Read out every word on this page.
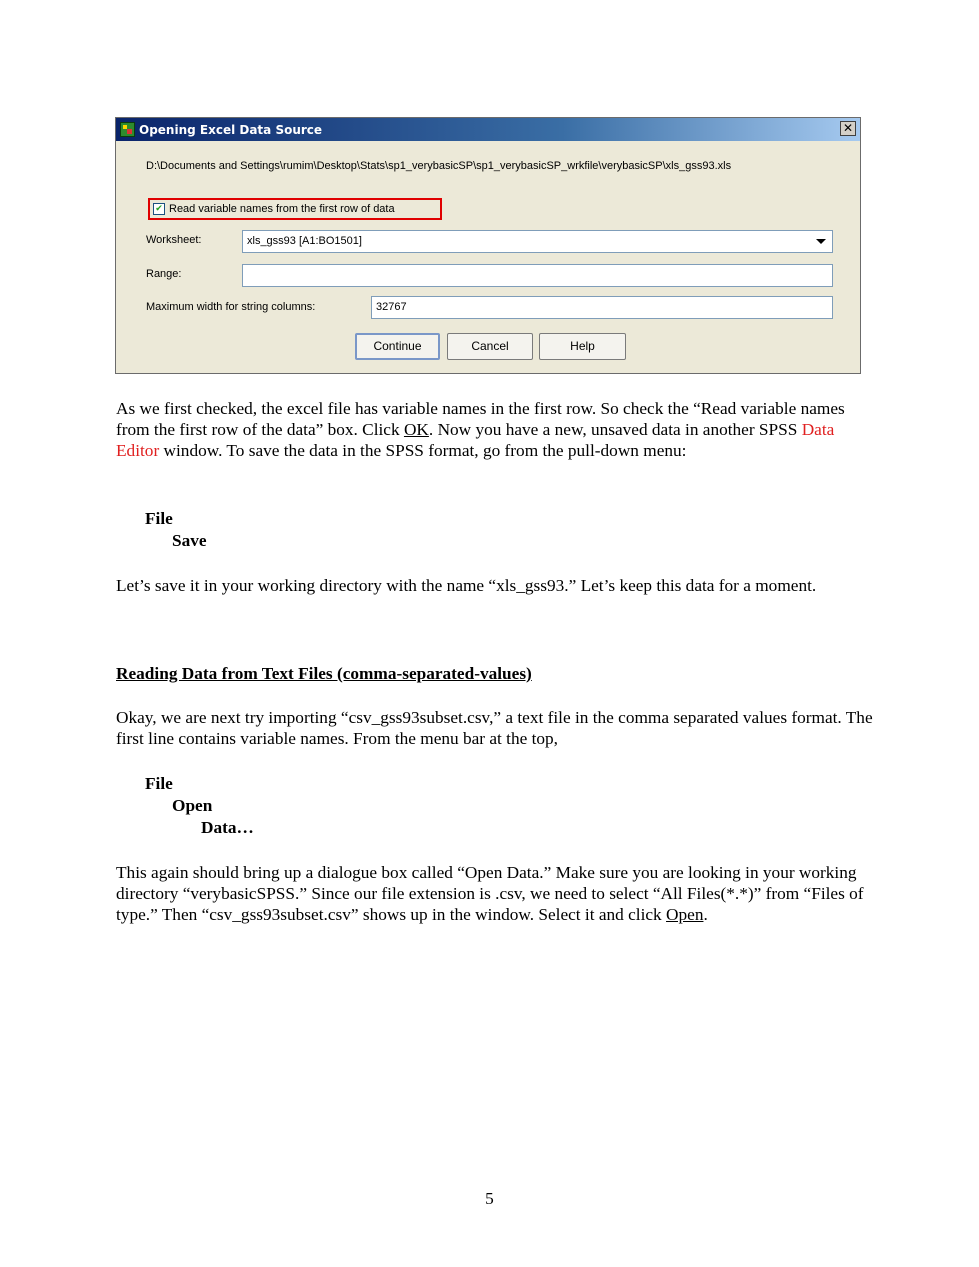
Opening Excel Data Source	✕
D:\Documents and Settings\rumim\Desktop\Stats\sp1_verybasicSP\sp1_verybasicSP_wrkfile\verybasicSP\xls_gss93.xls
✔ Read variable names from the first row of data
Worksheet:	xls_gss93 [A1:BO1501]
Range:
Maximum width for string columns:	32767
Continue	Cancel	Help
As we first checked, the excel file has variable names in the first row. So check the “Read variable names from the first row of the data” box. Click OK. Now you have a new, unsaved data in another SPSS Data Editor window. To save the data in the SPSS format, go from the pull-down menu:
File
Save
Let’s save it in your working directory with the name “xls_gss93.” Let’s keep this data for a moment.
Reading Data from Text Files (comma-separated-values)
Okay, we are next try importing “csv_gss93subset.csv,” a text file in the comma separated values format. The first line contains variable names. From the menu bar at the top,
File
Open
Data…
This again should bring up a dialogue box called “Open Data.” Make sure you are looking in your working directory “verybasicSPSS.” Since our file extension is .csv, we need to select “All Files(*.*)” from “Files of type.” Then “csv_gss93subset.csv” shows up in the window. Select it and click Open.
5
